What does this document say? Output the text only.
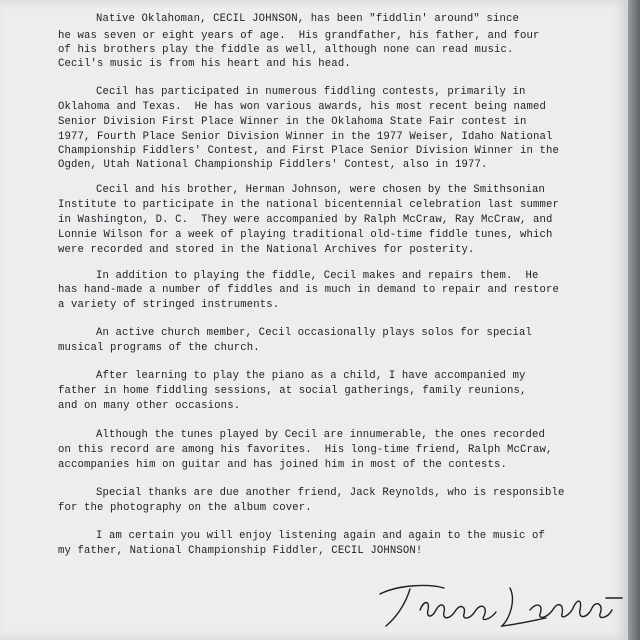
Native Oklahoman, CECIL JOHNSON, has been "fiddlin' around" since
he was seven or eight years of age.  His grandfather, his father, and four
of his brothers play the fiddle as well, although none can read music.
Cecil's music is from his heart and his head.
Cecil has participated in numerous fiddling contests, primarily in
Oklahoma and Texas.  He has won various awards, his most recent being named
Senior Division First Place Winner in the Oklahoma State Fair contest in
1977, Fourth Place Senior Division Winner in the 1977 Weiser, Idaho National
Championship Fiddlers' Contest, and First Place Senior Division Winner in the
Ogden, Utah National Championship Fiddlers' Contest, also in 1977.
Cecil and his brother, Herman Johnson, were chosen by the Smithsonian
Institute to participate in the national bicentennial celebration last summer
in Washington, D. C.  They were accompanied by Ralph McCraw, Ray McCraw, and
Lonnie Wilson for a week of playing traditional old-time fiddle tunes, which
were recorded and stored in the National Archives for posterity.
In addition to playing the fiddle, Cecil makes and repairs them.  He
has hand-made a number of fiddles and is much in demand to repair and restore
a variety of stringed instruments.
An active church member, Cecil occasionally plays solos for special
musical programs of the church.
After learning to play the piano as a child, I have accompanied my
father in home fiddling sessions, at social gatherings, family reunions,
and on many other occasions.
Although the tunes played by Cecil are innumerable, the ones recorded
on this record are among his favorites.  His long-time friend, Ralph McCraw,
accompanies him on guitar and has joined him in most of the contests.
Special thanks are due another friend, Jack Reynolds, who is responsible
for the photography on the album cover.
I am certain you will enjoy listening again and again to the music of
my father, National Championship Fiddler, CECIL JOHNSON!
